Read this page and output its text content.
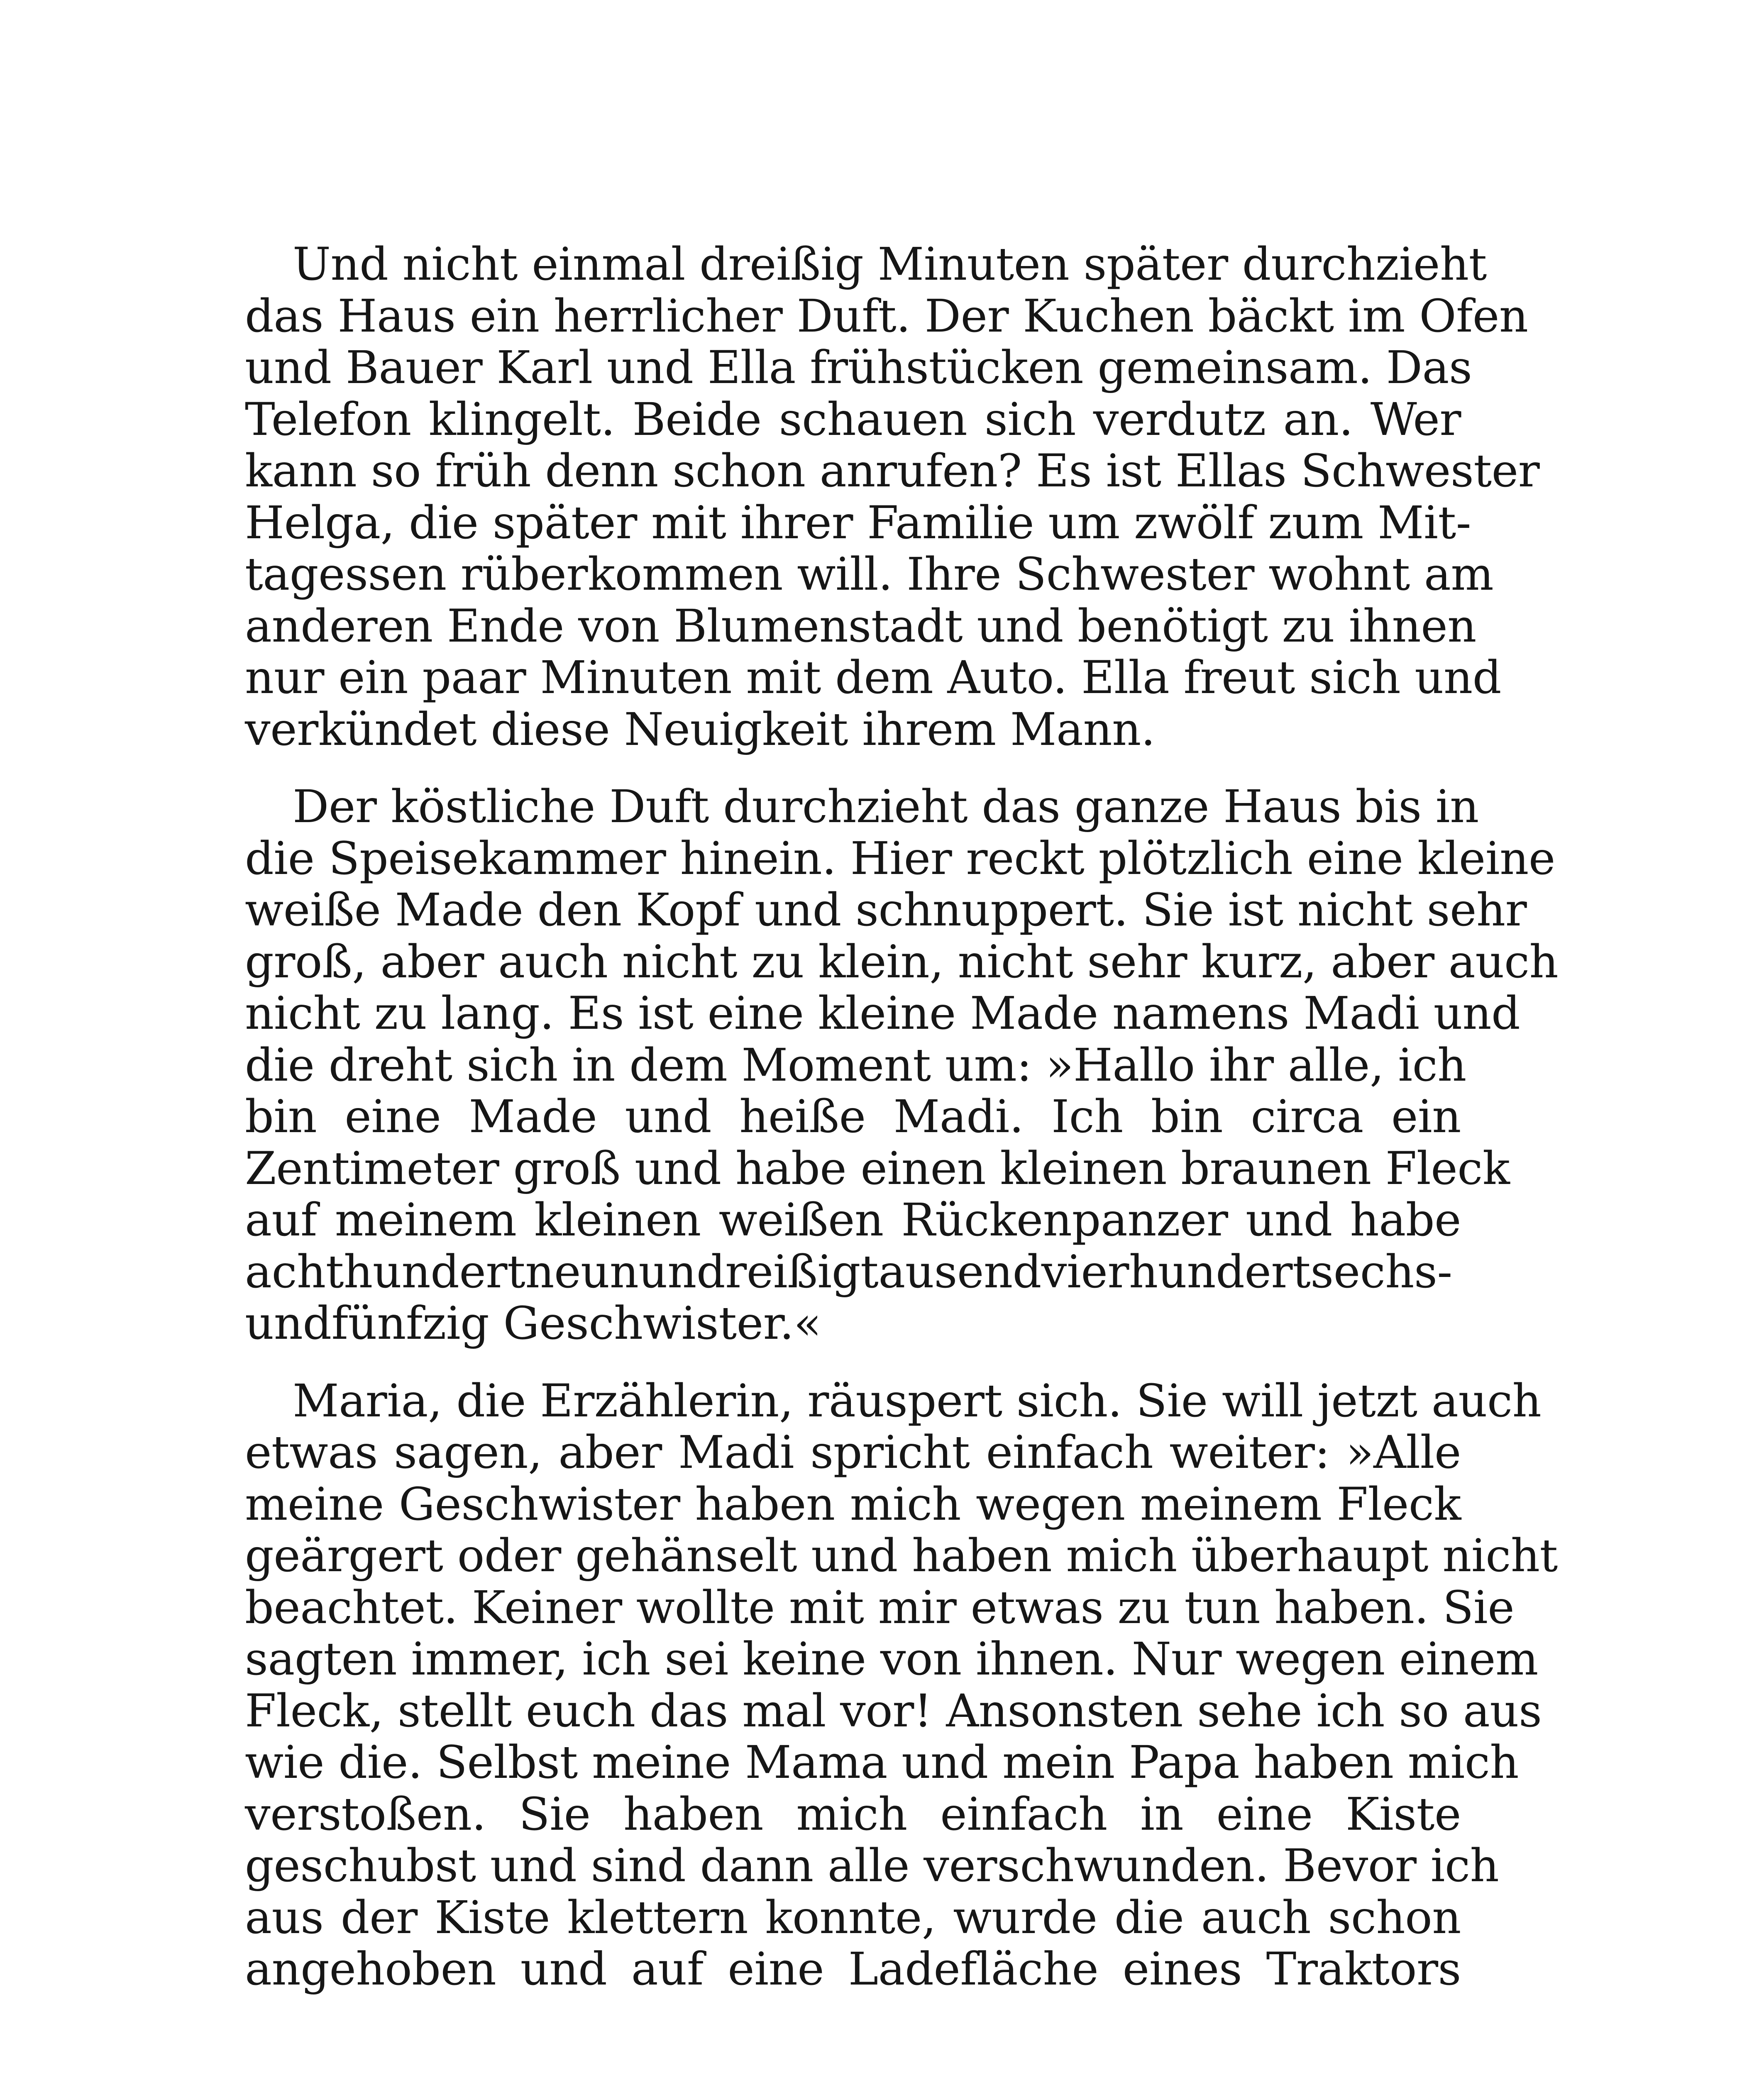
Und nicht einmal dreißig Minuten später durchzieht
das Haus ein herrlicher Duft. Der Kuchen bäckt im Ofen
und Bauer Karl und Ella frühstücken gemeinsam. Das
Telefon klingelt. Beide schauen sich verdutz an. Wer
kann so früh denn schon anrufen? Es ist Ellas Schwester
Helga, die später mit ihrer Familie um zwölf zum Mit-
tagessen rüberkommen will. Ihre Schwester wohnt am
anderen Ende von Blumenstadt und benötigt zu ihnen
nur ein paar Minuten mit dem Auto. Ella freut sich und
verkündet diese Neuigkeit ihrem Mann.
Der köstliche Duft durchzieht das ganze Haus bis in
die Speisekammer hinein. Hier reckt plötzlich eine kleine
weiße Made den Kopf und schnuppert. Sie ist nicht sehr
groß, aber auch nicht zu klein, nicht sehr kurz, aber auch
nicht zu lang. Es ist eine kleine Made namens Madi und
die dreht sich in dem Moment um: »Hallo ihr alle, ich
bin eine Made und heiße Madi. Ich bin circa ein
Zentimeter groß und habe einen kleinen braunen Fleck
auf meinem kleinen weißen Rückenpanzer und habe
achthundertneunundreißigtausendvierhundertsechs-
undfünfzig Geschwister.«
Maria, die Erzählerin, räuspert sich. Sie will jetzt auch
etwas sagen, aber Madi spricht einfach weiter: »Alle
meine Geschwister haben mich wegen meinem Fleck
geärgert oder gehänselt und haben mich überhaupt nicht
beachtet. Keiner wollte mit mir etwas zu tun haben. Sie
sagten immer, ich sei keine von ihnen. Nur wegen einem
Fleck, stellt euch das mal vor! Ansonsten sehe ich so aus
wie die. Selbst meine Mama und mein Papa haben mich
verstoßen. Sie haben mich einfach in eine Kiste
geschubst und sind dann alle verschwunden. Bevor ich
aus der Kiste klettern konnte, wurde die auch schon
angehoben und auf eine Ladefläche eines Traktors
